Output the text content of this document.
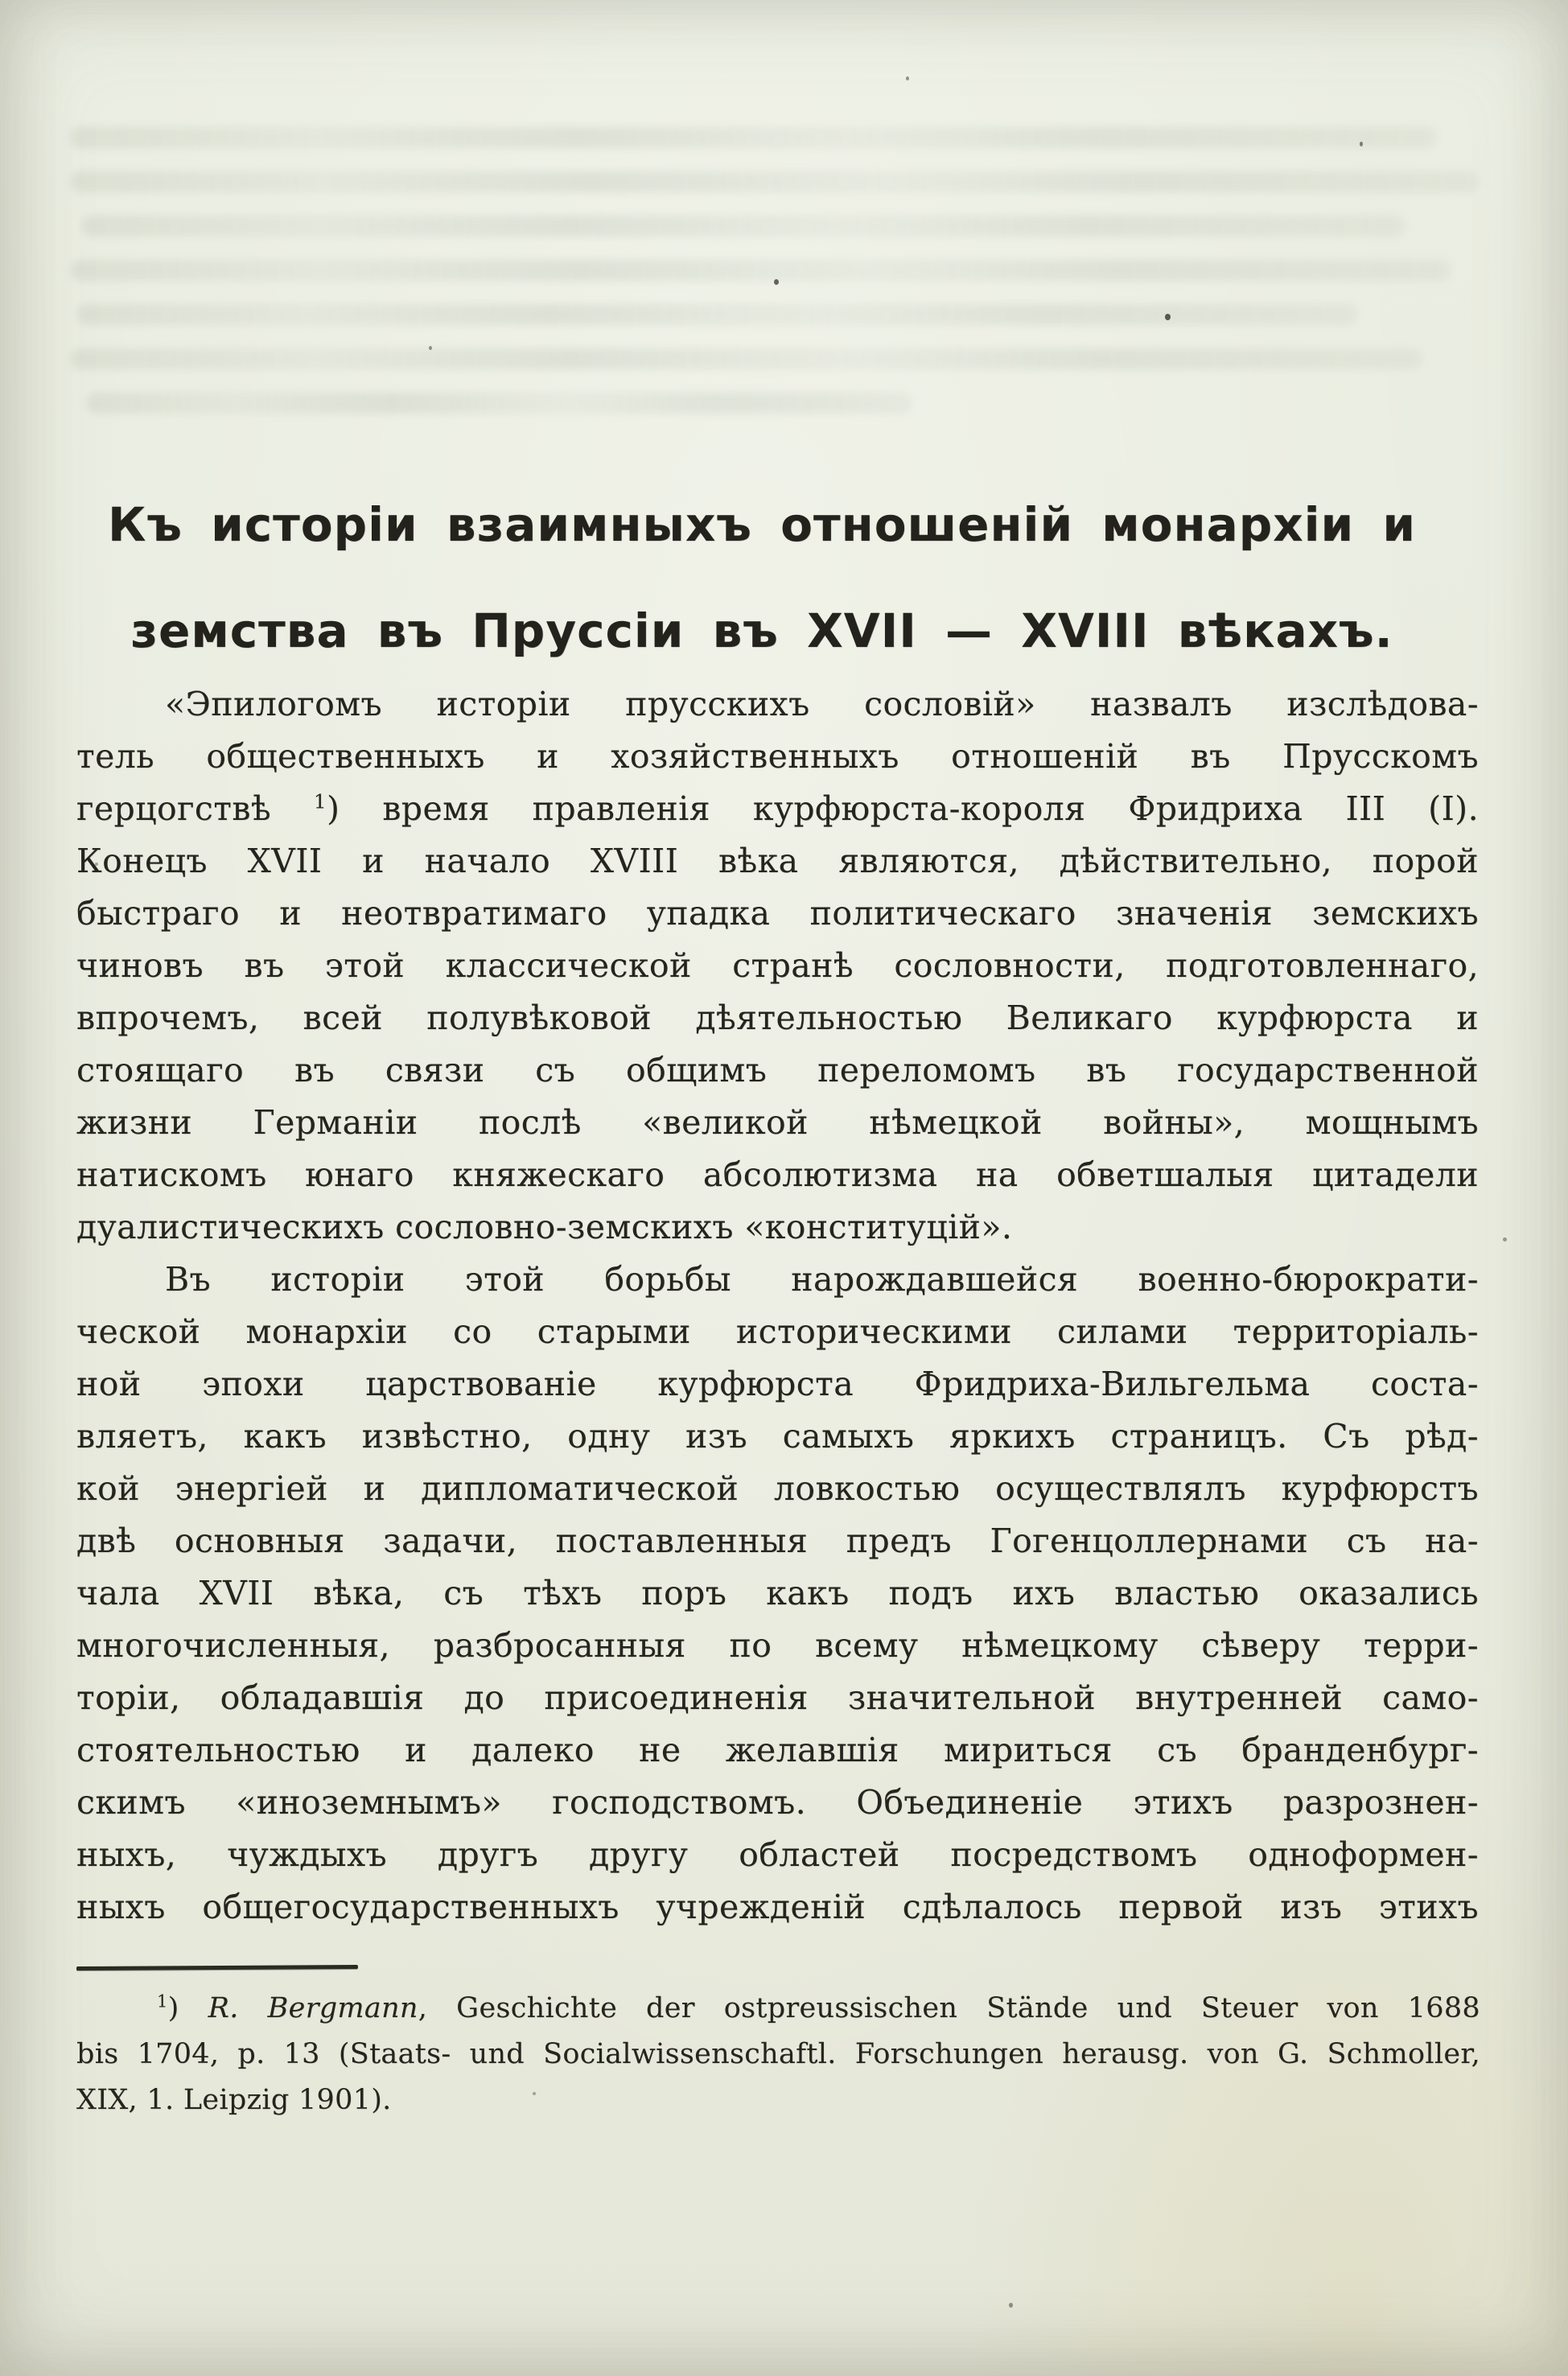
Къ исторіи взаимныхъ отношеній монархіи и
земства въ Пруссіи въ XVII — XVIII вѣкахъ.
«Эпилогомъ исторіи прусскихъ сословій» назвалъ изслѣдова-
тель общественныхъ и хозяйственныхъ отношеній въ Прусскомъ
герцогствѣ $^1$) время правленія курфюрста-короля Фридриха III (I).
Конецъ XVII и начало XVIII вѣка являются, дѣйствительно, порой
быстраго и неотвратимаго упадка политическаго значенія земскихъ
чиновъ въ этой классической странѣ сословности, подготовленнаго,
впрочемъ, всей полувѣковой дѣятельностью Великаго курфюрста и
стоящаго въ связи съ общимъ переломомъ въ государственной
жизни Германіи послѣ «великой нѣмецкой войны», мощнымъ
натискомъ юнаго княжескаго абсолютизма на обветшалыя цитадели
дуалистическихъ сословно-земскихъ «конституцій».
Въ исторіи этой борьбы нарождавшейся военно-бюрократи-
ческой монархіи со старыми историческими силами территоріаль-
ной эпохи царствованіе курфюрста Фридриха-Вильгельма соста-
вляетъ, какъ извѣстно, одну изъ самыхъ яркихъ страницъ. Съ рѣд-
кой энергіей и дипломатической ловкостью осуществлялъ курфюрстъ
двѣ основныя задачи, поставленныя предъ Гогенцоллернами съ на-
чала XVII вѣка, съ тѣхъ поръ какъ подъ ихъ властью оказались
многочисленныя, разбросанныя по всему нѣмецкому сѣверу терри-
торіи, обладавшія до присоединенія значительной внутренней само-
стоятельностью и далеко не желавшія мириться съ бранденбург-
скимъ «иноземнымъ» господствомъ. Объединеніе этихъ разрознен-
ныхъ, чуждыхъ другъ другу областей посредствомъ одноформен-
ныхъ общегосударственныхъ учрежденій сдѣлалось первой изъ этихъ
$^1$) R. Bergmann, Geschichte der ostpreussischen Stände und Steuer von 1688
bis 1704, p. 13 (Staats- und Socialwissenschaftl. Forschungen herausg. von G. Schmoller,
XIX, 1. Leipzig 1901).
